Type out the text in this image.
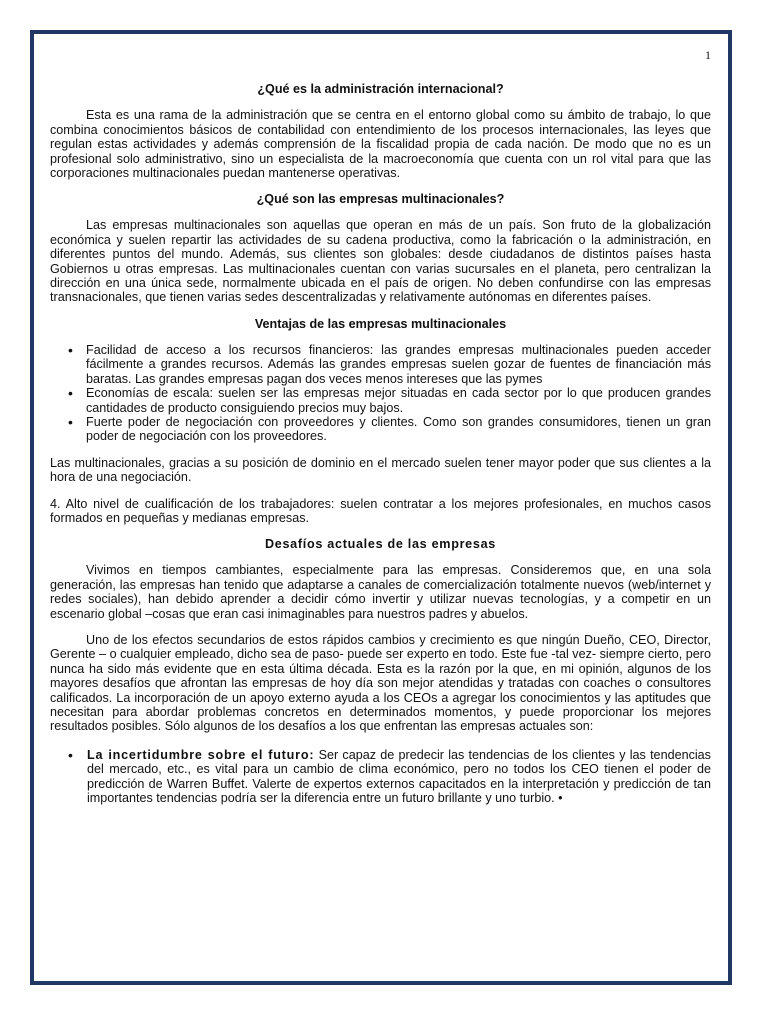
1
¿Qué es la administración internacional?

Esta es una rama de la administración que se centra en el entorno global como su ámbito de trabajo, lo que combina conocimientos básicos de contabilidad con entendimiento de los procesos internacionales, las leyes que regulan estas actividades y además comprensión de la fiscalidad propia de cada nación. De modo que no es un profesional solo administrativo, sino un especialista de la macroeconomía que cuenta con un rol vital para que las corporaciones multinacionales puedan mantenerse operativas.

¿Qué son las empresas multinacionales?

Las empresas multinacionales son aquellas que operan en más de un país. Son fruto de la globalización económica y suelen repartir las actividades de su cadena productiva, como la fabricación o la administración, en diferentes puntos del mundo. Además, sus clientes son globales: desde ciudadanos de distintos países hasta Gobiernos u otras empresas. Las multinacionales cuentan con varias sucursales en el planeta, pero centralizan la dirección en una única sede, normalmente ubicada en el país de origen. No deben confundirse con las empresas transnacionales, que tienen varias sedes descentralizadas y relativamente autónomas en diferentes países.

Ventajas de las empresas multinacionales
• Facilidad de acceso a los recursos financieros: las grandes empresas multinacionales pueden acceder fácilmente a grandes recursos. Además las grandes empresas suelen gozar de fuentes de financiación más baratas. Las grandes empresas pagan dos veces menos intereses que las pymes
• Economías de escala: suelen ser las empresas mejor situadas en cada sector por lo que producen grandes cantidades de producto consiguiendo precios muy bajos.
• Fuerte poder de negociación con proveedores y clientes. Como son grandes consumidores, tienen un gran poder de negociación con los proveedores.

Las multinacionales, gracias a su posición de dominio en el mercado suelen tener mayor poder que sus clientes a la hora de una negociación.

4. Alto nivel de cualificación de los trabajadores: suelen contratar a los mejores profesionales, en muchos casos formados en pequeñas y medianas empresas.

Desafíos actuales de las empresas

Vivimos en tiempos cambiantes, especialmente para las empresas. Consideremos que, en una sola generación, las empresas han tenido que adaptarse a canales de comercialización totalmente nuevos (web/internet y redes sociales), han debido aprender a decidir cómo invertir y utilizar nuevas tecnologías, y a competir en un escenario global –cosas que eran casi inimaginables para nuestros padres y abuelos.

Uno de los efectos secundarios de estos rápidos cambios y crecimiento es que ningún Dueño, CEO, Director, Gerente – o cualquier empleado, dicho sea de paso- puede ser experto en todo. Este fue -tal vez- siempre cierto, pero nunca ha sido más evidente que en esta última década. Esta es la razón por la que, en mi opinión, algunos de los mayores desafíos que afrontan las empresas de hoy día son mejor atendidas y tratadas con coaches o consultores calificados. La incorporación de un apoyo externo ayuda a los CEOs a agregar los conocimientos y las aptitudes que necesitan para abordar problemas concretos en determinados momentos, y puede proporcionar los mejores resultados posibles. Sólo algunos de los desafíos a los que enfrentan las empresas actuales son:

• La incertidumbre sobre el futuro: Ser capaz de predecir las tendencias de los clientes y las tendencias del mercado, etc., es vital para un cambio de clima económico, pero no todos los CEO tienen el poder de predicción de Warren Buffet. Valerte de expertos externos capacitados en la interpretación y predicción de tan importantes tendencias podría ser la diferencia entre un futuro brillante y uno turbio. •
